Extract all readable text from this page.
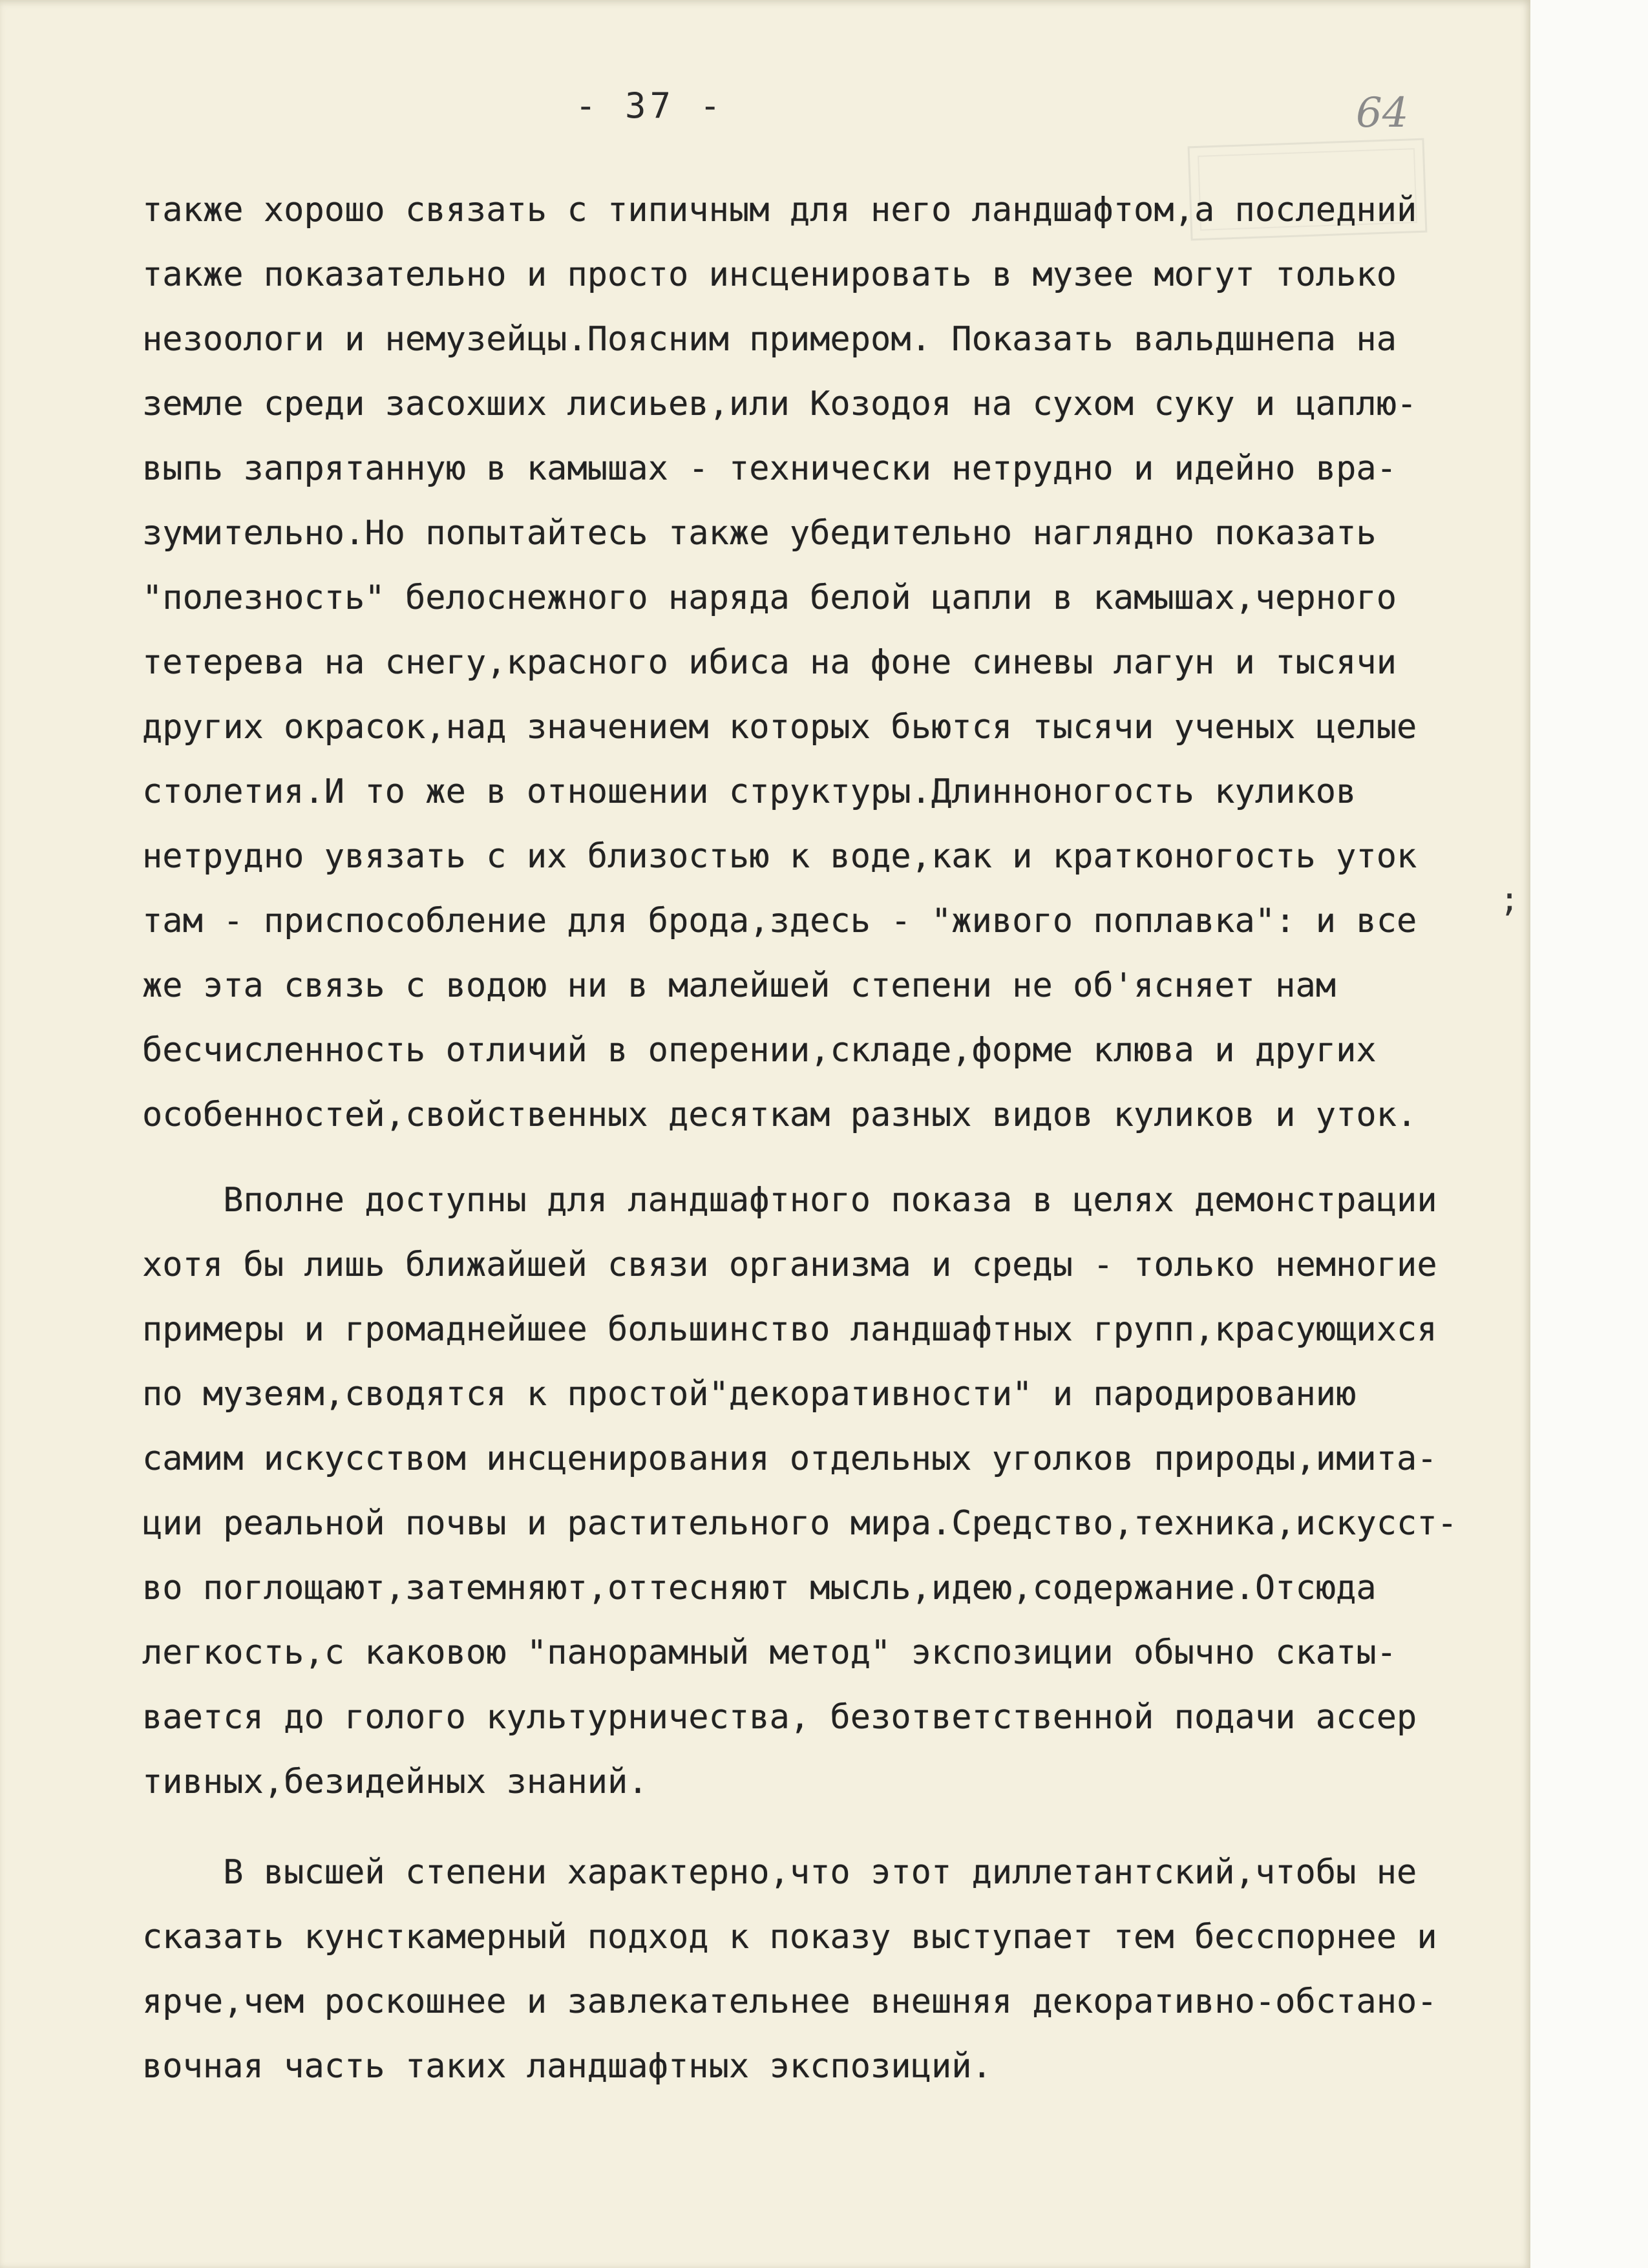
- 37 -	64
также хорошо связать с типичным для него ландшафтом,а последний
также показательно и просто инсценировать в музее могут только
незоологи и немузейцы.Поясним примером. Показать вальдшнепа на
земле среди засохших лисиьев,или Козодоя на сухом суку и цаплю-
выпь запрятанную в камышах - технически нетрудно и идейно вра-
зумительно.Но попытайтесь также убедительно наглядно показать
"полезность" белоснежного наряда белой цапли в камышах,черного
тетерева на снегу,красного ибиса на фоне синевы лагун и тысячи
других окрасок,над значением которых бьются тысячи ученых целые
столетия.И то же в отношении структуры.Длинноногость куликов
нетрудно увязать с их близостью к воде,как и кратконогость уток
там - приспособление для брода,здесь - "живого поплавка": и все
же эта связь с водою ни в малейшей степени не об'ясняет нам
бесчисленность отличий в оперении,складе,форме клюва и других
особенностей,свойственных десяткам разных видов куликов и уток.
Вполне доступны для ландшафтного показа в целях демонстрации
хотя бы лишь ближайшей связи организма и среды - только немногие
примеры и громаднейшее большинство ландшафтных групп,красующихся
по музеям,сводятся к простой"декоративности" и пародированию
самим искусством инсценирования отдельных уголков природы,имита-
ции реальной почвы и растительного мира.Средство,техника,искусст-
во поглощают,затемняют,оттесняют мысль,идею,содержание.Отсюда
легкость,с каковою "панорамный метод" экспозиции обычно скаты-
вается до голого культурничества, безответственной подачи ассер
тивных,безидейных знаний.
В высшей степени характерно,что этот диллетантский,чтобы не
сказать кунсткамерный подход к показу выступает тем бесспорнее и
ярче,чем роскошнее и завлекательнее внешняя декоративно-обстано-
вочная часть таких ландшафтных экспозиций.
;
